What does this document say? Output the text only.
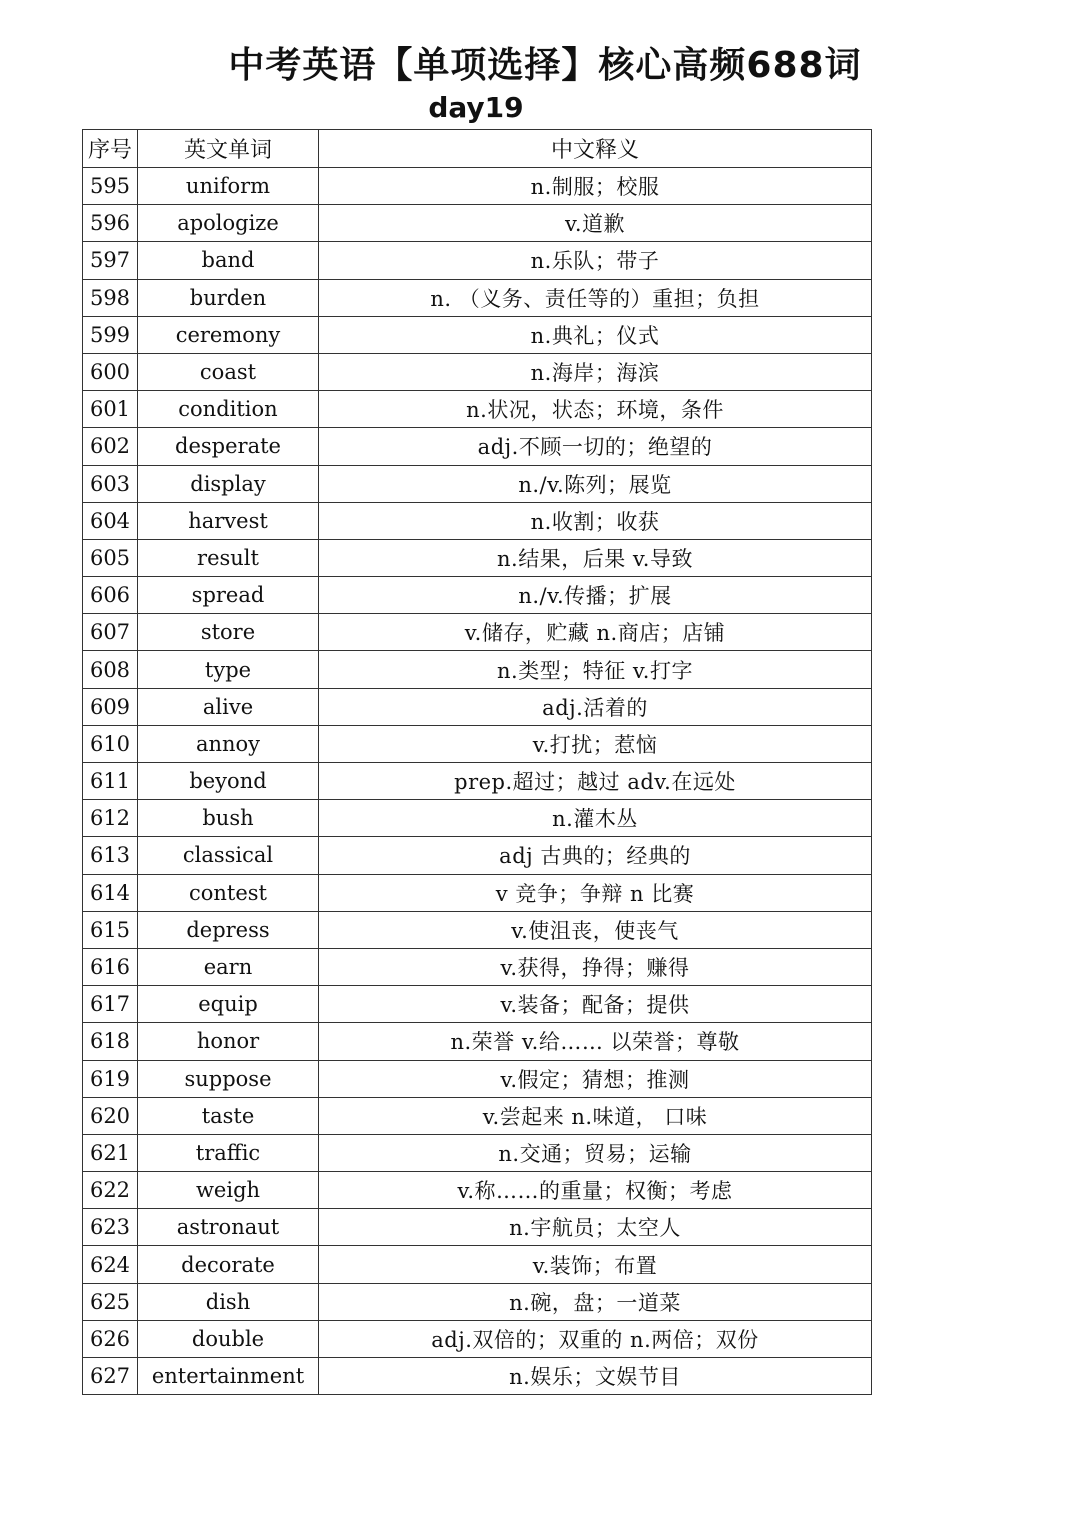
中考英语【单项选择】核心高频688词
day19
序号	英文单词	中文释义
595	uniform	n.制服；校服
596	apologize	v.道歉
597	band	n.乐队；带子
598	burden	n. （义务、责任等的）重担；负担
599	ceremony	n.典礼；仪式
600	coast	n.海岸；海滨
601	condition	n.状况，状态；环境，条件
602	desperate	adj.不顾一切的；绝望的
603	display	n./v.陈列；展览
604	harvest	n.收割；收获
605	result	n.结果，后果 v.导致
606	spread	n./v.传播；扩展
607	store	v.储存，贮藏 n.商店；店铺
608	type	n.类型；特征 v.打字
609	alive	adj.活着的
610	annoy	v.打扰；惹恼
611	beyond	prep.超过；越过 adv.在远处
612	bush	n.灌木丛
613	classical	adj 古典的；经典的
614	contest	v 竞争；争辩 n 比赛
615	depress	v.使沮丧，使丧气
616	earn	v.获得，挣得；赚得
617	equip	v.装备；配备；提供
618	honor	n.荣誉 v.给…… 以荣誉；尊敬
619	suppose	v.假定；猜想；推测
620	taste	v.尝起来 n.味道， 口味
621	traffic	n.交通；贸易；运输
622	weigh	v.称……的重量；权衡；考虑
623	astronaut	n.宇航员；太空人
624	decorate	v.装饰；布置
625	dish	n.碗，盘；一道菜
626	double	adj.双倍的；双重的 n.两倍；双份
627	entertainment	n.娱乐；文娱节目
